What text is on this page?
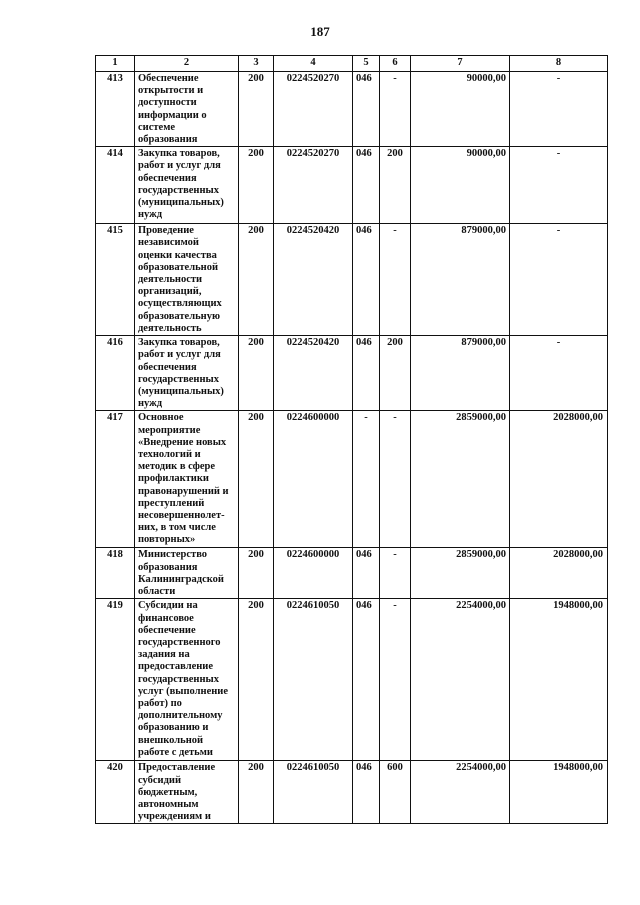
187
1	2	3	4	5	6	7	8
413	Обеспечение открытости и доступности информации о системе образования	200	0224520270	046	-	90000,00	-
414	Закупка товаров, работ и услуг для обеспечения государственных (муниципальных) нужд	200	0224520270	046	200	90000,00	-
415	Проведение независимой оценки качества образовательной деятельности организаций, осуществляющих образовательную деятельность	200	0224520420	046	-	879000,00	-
416	Закупка товаров, работ и услуг для обеспечения государственных (муниципальных) нужд	200	0224520420	046	200	879000,00	-
417	Основное мероприятие «Внедрение новых технологий и методик в сфере профилактики правонарушений и преступлений несовершеннолет-них, в том числе повторных»	200	0224600000	-	-	2859000,00	2028000,00
418	Министерство образования Калининградской области	200	0224600000	046	-	2859000,00	2028000,00
419	Субсидии на финансовое обеспечение государственного задания на предоставление государственных услуг (выполнение работ) по дополнительному образованию и внешкольной работе с детьми	200	0224610050	046	-	2254000,00	1948000,00
420	Предоставление субсидий бюджетным, автономным учреждениям и	200	0224610050	046	600	2254000,00	1948000,00
